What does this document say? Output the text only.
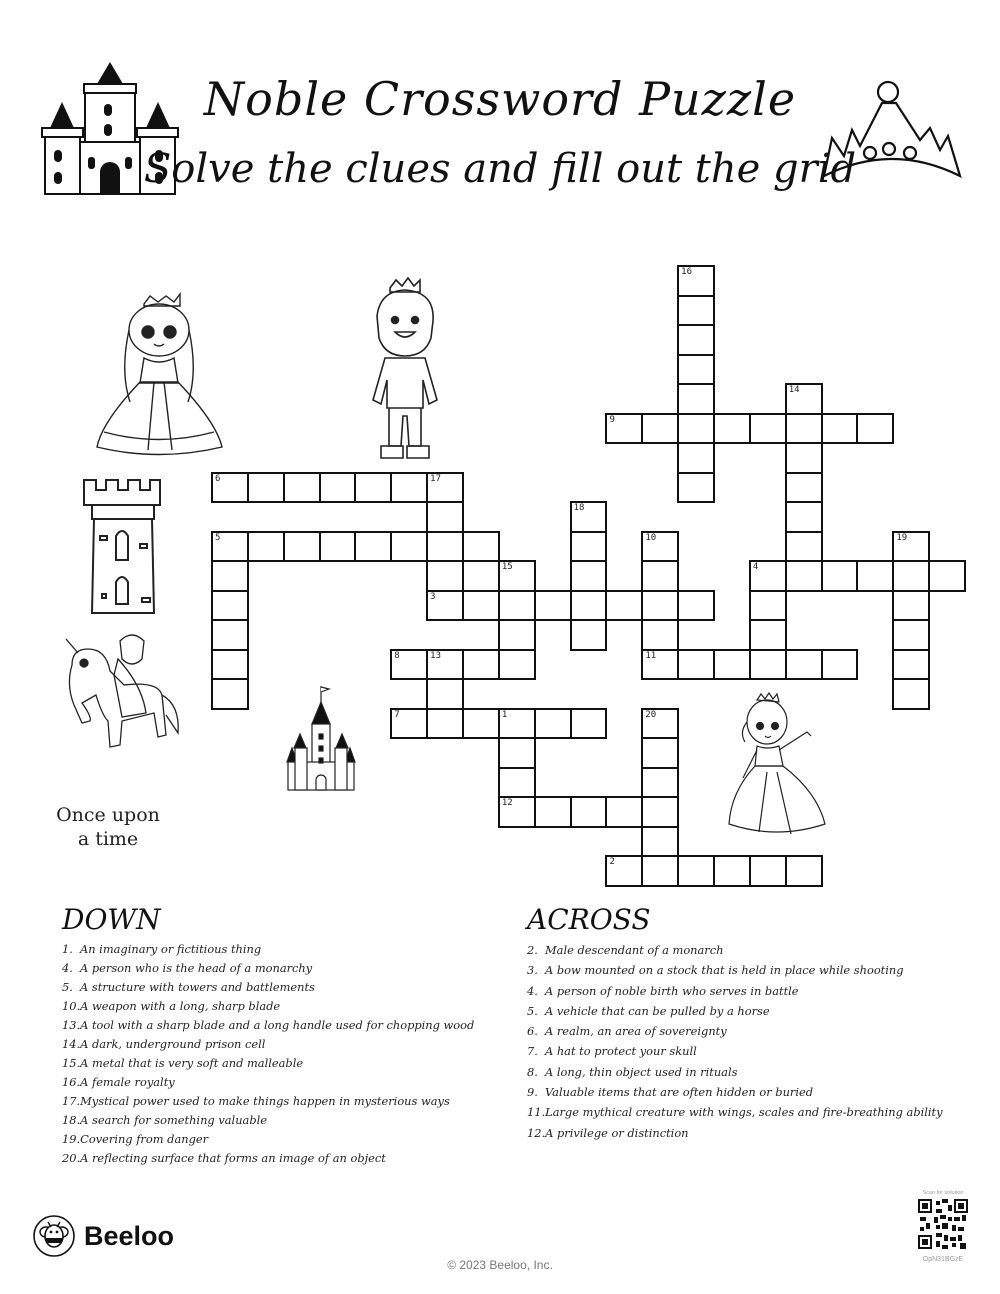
Noble Crossword Puzzle
Solve the clues and fill out the grid
Once upon
a time
1
12
2
3
4
5
6	17
7
8	13
9
10
11
14
15
16
18
19
20
DOWN
1.An imaginary or fictitious thing
4.A person who is the head of a monarchy
5.A structure with towers and battlements
10.A weapon with a long, sharp blade
13.A tool with a sharp blade and a long handle used for chopping wood
14.A dark, underground prison cell
15.A metal that is very soft and malleable
16.A female royalty
17.Mystical power used to make things happen in mysterious ways
18.A search for something valuable
19.Covering from danger
20.A reflecting surface that forms an image of an object
ACROSS
2.Male descendant of a monarch
3.A bow mounted on a stock that is held in place while shooting
4.A person of noble birth who serves in battle
5.A vehicle that can be pulled by a horse
6.A realm, an area of sovereignty
7.A hat to protect your skull
8.A long, thin object used in rituals
9.Valuable items that are often hidden or buried
11.Large mythical creature with wings, scales and fire-breathing ability
12.A privilege or distinction
Beeloo
© 2023 Beeloo, Inc.
Scan for solution
OpN31BGzE
